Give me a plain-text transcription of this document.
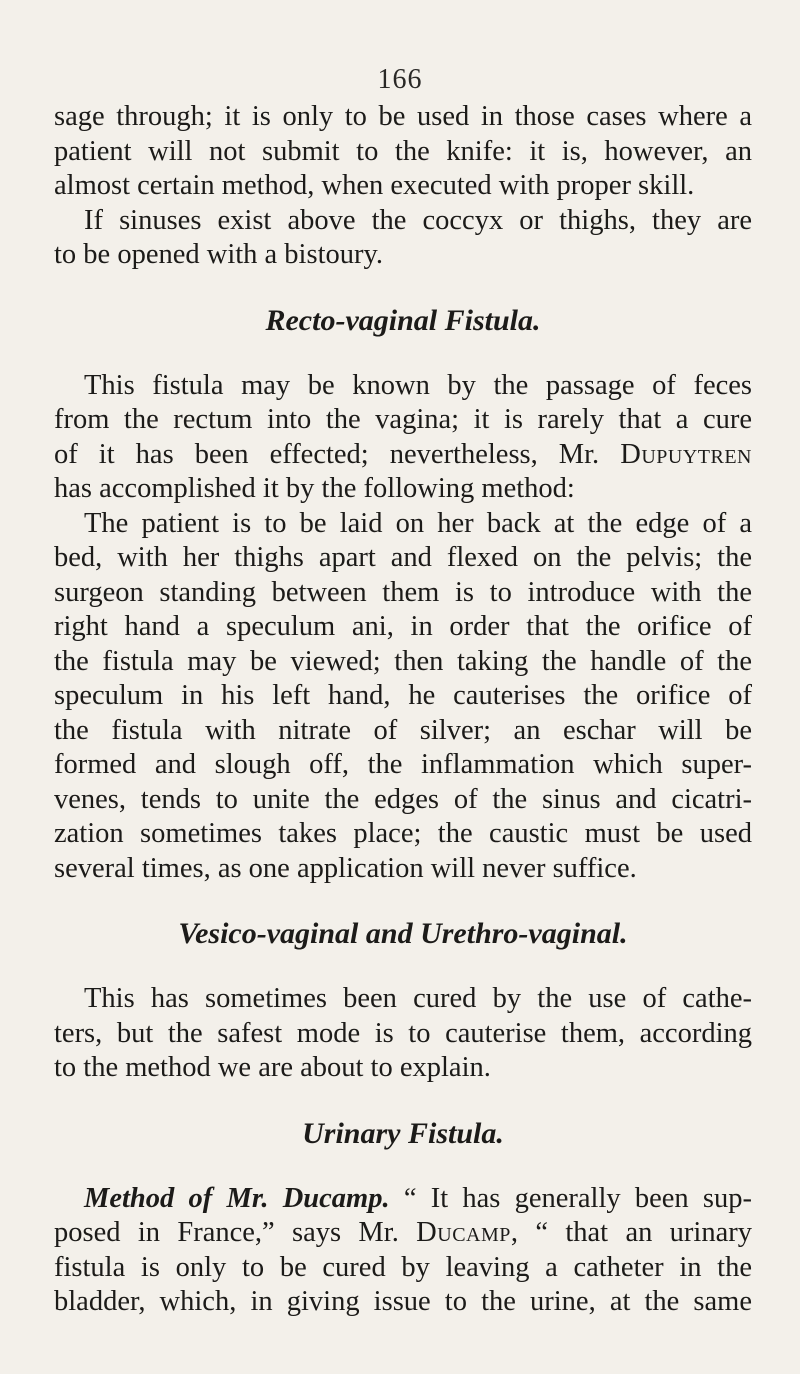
166
sage through; it is only to be used in those cases where a
patient will not submit to the knife: it is, however, an
almost certain method, when executed with proper skill.
If sinuses exist above the coccyx or thighs, they are
to be opened with a bistoury.
Recto-vaginal Fistula.
This fistula may be known by the passage of feces
from the rectum into the vagina; it is rarely that a cure
of it has been effected; nevertheless, Mr. Dupuytren
has accomplished it by the following method:
The patient is to be laid on her back at the edge of a
bed, with her thighs apart and flexed on the pelvis; the
surgeon standing between them is to introduce with the
right hand a speculum ani, in order that the orifice of
the fistula may be viewed; then taking the handle of the
speculum in his left hand, he cauterises the orifice of
the fistula with nitrate of silver; an eschar will be
formed and slough off, the inflammation which super-
venes, tends to unite the edges of the sinus and cicatri-
zation sometimes takes place; the caustic must be used
several times, as one application will never suffice.
Vesico-vaginal and Urethro-vaginal.
This has sometimes been cured by the use of cathe-
ters, but the safest mode is to cauterise them, according
to the method we are about to explain.
Urinary Fistula.
Method of Mr. Ducamp. “ It has generally been sup-
posed in France,” says Mr. Ducamp, “ that an urinary
fistula is only to be cured by leaving a catheter in the
bladder, which, in giving issue to the urine, at the same
